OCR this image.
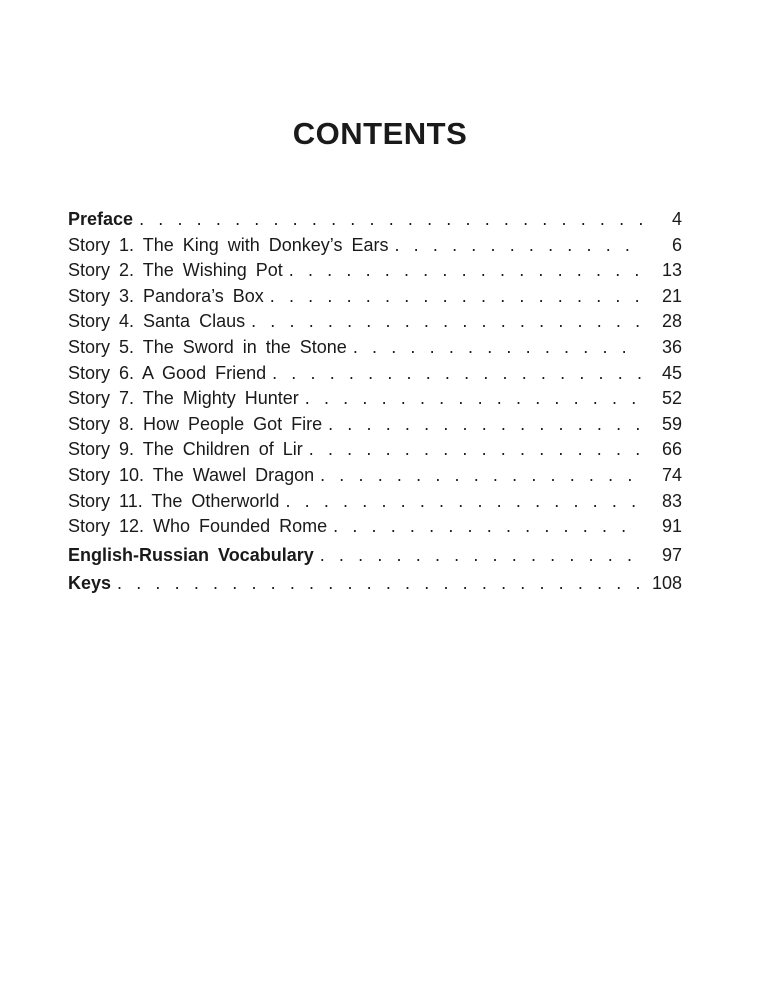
CONTENTS
Preface . . .	4
Story 1. The King with Donkey’s Ears . . .	6
Story 2. The Wishing Pot . . .	13
Story 3. Pandora’s Box . . .	21
Story 4. Santa Claus . . .	28
Story 5. The Sword in the Stone . . .	36
Story 6. A Good Friend . . .	45
Story 7. The Mighty Hunter . . .	52
Story 8. How People Got Fire . . .	59
Story 9. The Children of Lir . . .	66
Story 10. The Wawel Dragon . . .	74
Story 11. The Otherworld . . .	83
Story 12. Who Founded Rome . . .	91
English-Russian Vocabulary . . .	97
Keys . . .	108
